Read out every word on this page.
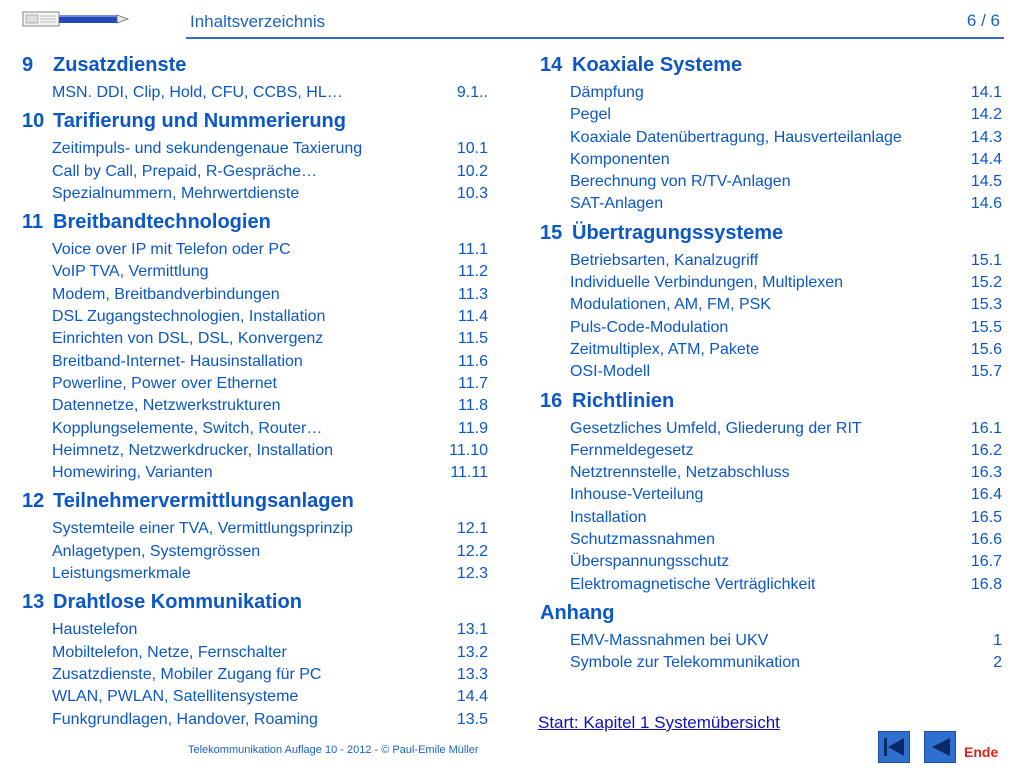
Inhaltsverzeichnis	6 / 6
9 Zusatzdienste
MSN. DDI, Clip, Hold, CFU, CCBS, HL…	9.1..
10 Tarifierung und Nummerierung
Zeitimpuls- und sekundengenaue Taxierung	10.1
Call by Call, Prepaid, R-Gespräche…	10.2
Spezialnummern, Mehrwertdienste	10.3
11 Breitbandtechnologien
Voice over IP mit Telefon oder PC	11.1
VoIP TVA, Vermittlung	11.2
Modem, Breitbandverbindungen	11.3
DSL Zugangstechnologien, Installation	11.4
Einrichten von DSL, DSL, Konvergenz	11.5
Breitband-Internet- Hausinstallation	11.6
Powerline, Power over Ethernet	11.7
Datennetze, Netzwerkstrukturen	11.8
Kopplungselemente, Switch, Router…	11.9
Heimnetz, Netzwerkdrucker, Installation	11.10
Homewiring, Varianten	11.11
12 Teilnehmervermittlungsanlagen
Systemteile einer TVA, Vermittlungsprinzip	12.1
Anlagetypen, Systemgrössen	12.2
Leistungsmerkmale	12.3
13 Drahtlose Kommunikation
Haustelefon	13.1
Mobiltelefon, Netze, Fernschalter	13.2
Zusatzdienste, Mobiler Zugang für PC	13.3
WLAN, PWLAN, Satellitensysteme	14.4
Funkgrundlagen, Handover, Roaming	13.5
14 Koaxiale Systeme
Dämpfung	14.1
Pegel	14.2
Koaxiale Datenübertragung, Hausverteilanlage	14.3
Komponenten	14.4
Berechnung von R/TV-Anlagen	14.5
SAT-Anlagen	14.6
15 Übertragungssysteme
Betriebsarten, Kanalzugriff	15.1
Individuelle Verbindungen, Multiplexen	15.2
Modulationen, AM, FM, PSK	15.3
Puls-Code-Modulation	15.5
Zeitmultiplex, ATM, Pakete	15.6
OSI-Modell	15.7
16 Richtlinien
Gesetzliches Umfeld, Gliederung der RIT	16.1
Fernmeldegesetz	16.2
Netztrennstelle, Netzabschluss	16.3
Inhouse-Verteilung	16.4
Installation	16.5
Schutzmassnahmen	16.6
Überspannungsschutz	16.7
Elektromagnetische Verträglichkeit	16.8
Anhang
EMV-Massnahmen bei UKV	1
Symbole zur Telekommunikation	2
Start: Kapitel 1 Systemübersicht
Telekommunikation Auflage 10 - 2012 - © Paul-Emile Müller	Ende
